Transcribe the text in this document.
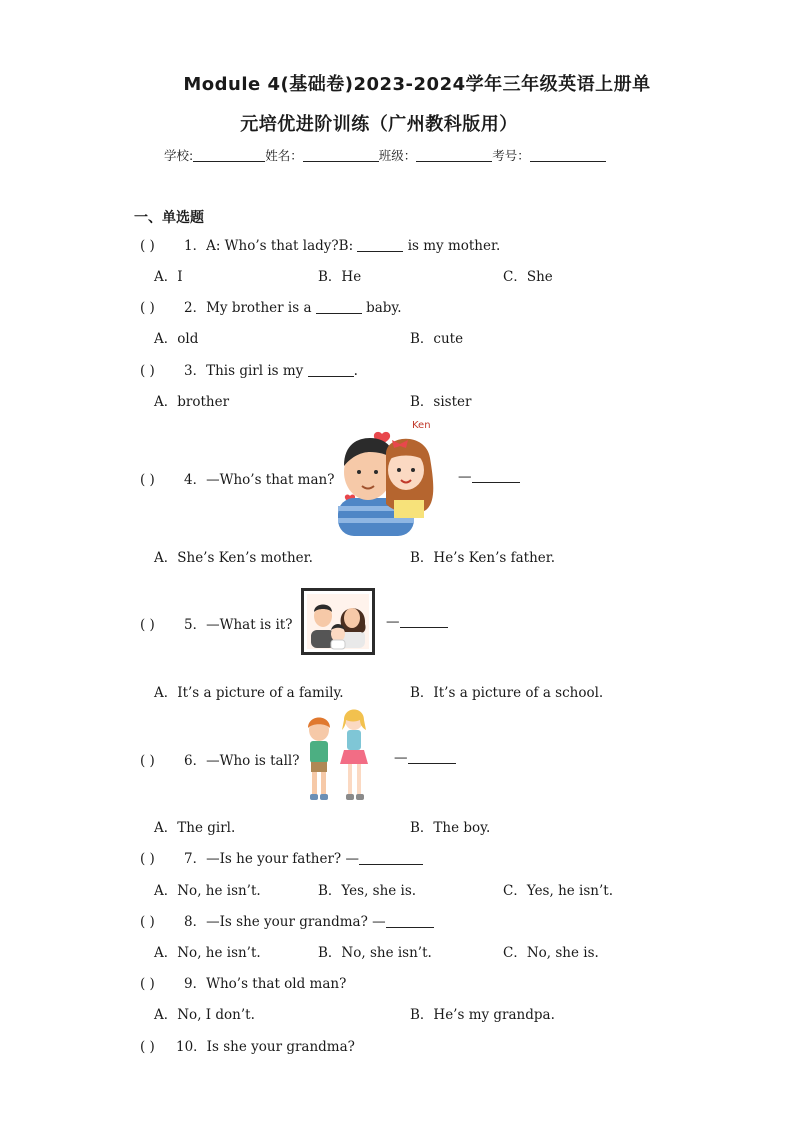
Module 4(基础卷)2023-2024学年三年级英语上册单
元培优进阶训练（广州教科版用）
学校:	姓名：	班级：	考号：
一、单选题
( ) 1．A: Who’s that lady?B:	is my mother.
A．I	B．He	C．She
( ) 2．My brother is a	baby.
A．old	B．cute
( ) 3．This girl is my	.
A．brother	B．sister
( ) 4．—Who’s that man?
Ken
—
A．She’s Ken’s mother.	B．He’s Ken’s father.
( ) 5．—What is it?	—
A．It’s a picture of a family.	B．It’s a picture of a school.
( ) 6．—Who is tall?	—
A．The girl.	B．The boy.
( ) 7．—Is he your father? —
A．No, he isn’t.	B．Yes, she is.	C．Yes, he isn’t.
( ) 8．—Is she your grandma? —
A．No, he isn’t.	B．No, she isn’t.	C．No, she is.
( ) 9．Who’s that old man?
A．No, I don’t.	B．He’s my grandpa.
( ) 10．Is she your grandma?
